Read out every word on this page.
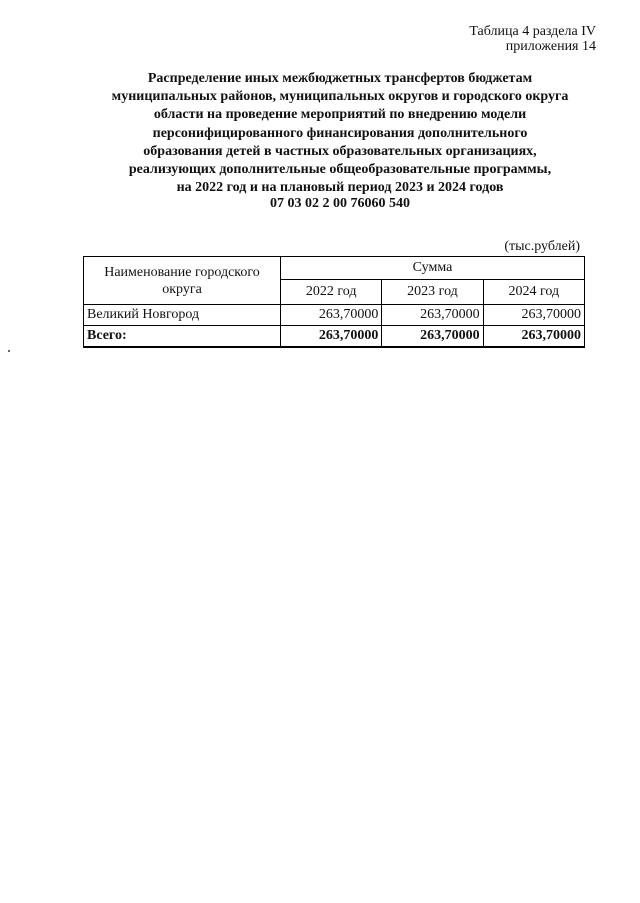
Таблица 4 раздела IV
приложения 14
Распределение иных межбюджетных трансфертов бюджетам
муниципальных районов, муниципальных округов и городского округа
области на проведение мероприятий по внедрению модели
персонифицированного финансирования дополнительного
образования детей в частных образовательных организациях,
реализующих дополнительные общеобразовательные программы,
на 2022 год и на плановый период 2023 и 2024 годов
07 03 02 2 00 76060 540
(тыс.рублей)
Наименование городского округа	Сумма		
	2022 год	2023 год	2024 год
Великий Новгород	263,70000	263,70000	263,70000
Всего:	263,70000	263,70000	263,70000
